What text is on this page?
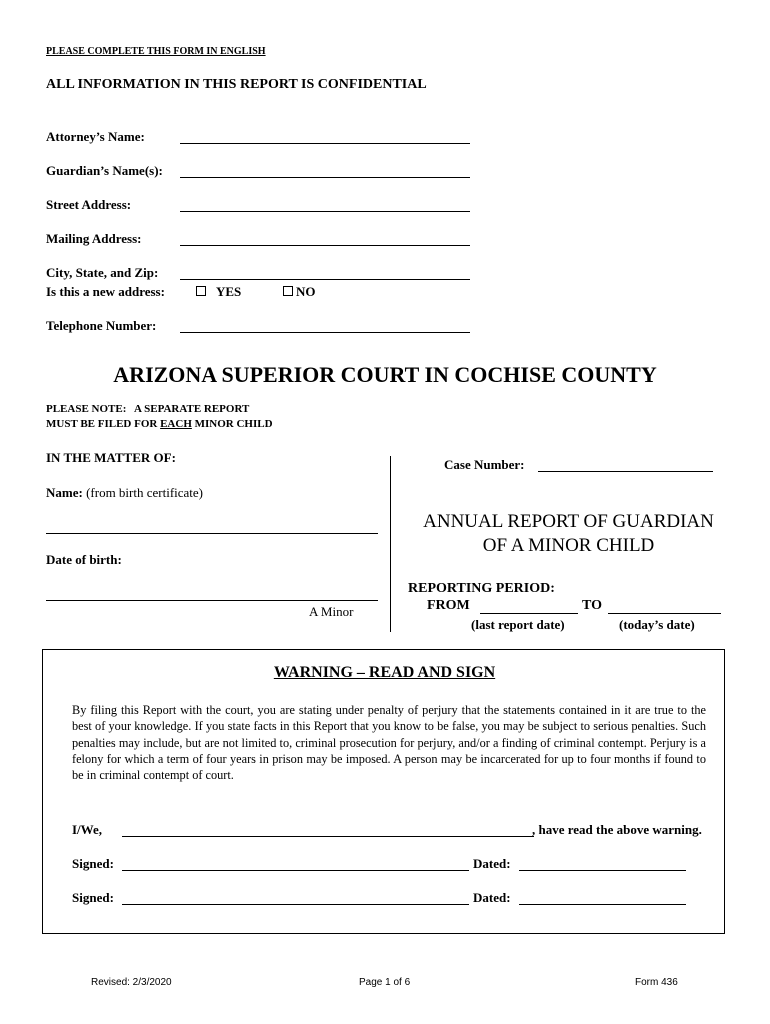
PLEASE COMPLETE THIS FORM IN ENGLISH
ALL INFORMATION IN THIS REPORT IS CONFIDENTIAL
Attorney’s Name:
Guardian’s Name(s):
Street Address:
Mailing Address:
City, State, and Zip:
Is this a new address:	YES	NO
Telephone Number:
ARIZONA SUPERIOR COURT IN COCHISE COUNTY
PLEASE NOTE:   A SEPARATE REPORT
MUST BE FILED FOR EACH MINOR CHILD
IN THE MATTER OF:
Name: (from birth certificate)
Date of birth:
A Minor
Case Number:
ANNUAL REPORT OF GUARDIAN
OF A MINOR CHILD
REPORTING PERIOD:
FROM	TO
(last report date)	(today’s date)
WARNING – READ AND SIGN
By filing this Report with the court, you are stating under penalty of perjury that the statements contained in it are true to the best of your knowledge. If you state facts in this Report that you know to be false, you may be subject to serious penalties. Such penalties may include, but are not limited to, criminal prosecution for perjury, and/or a finding of criminal contempt. Perjury is a felony for which a term of four years in prison may be imposed. A person may be incarcerated for up to four months if found to be in criminal contempt of court.
I/We,	, have read the above warning.
Signed:	Dated:
Signed:	Dated:
Revised: 2/3/2020	Page 1 of 6	Form 436
